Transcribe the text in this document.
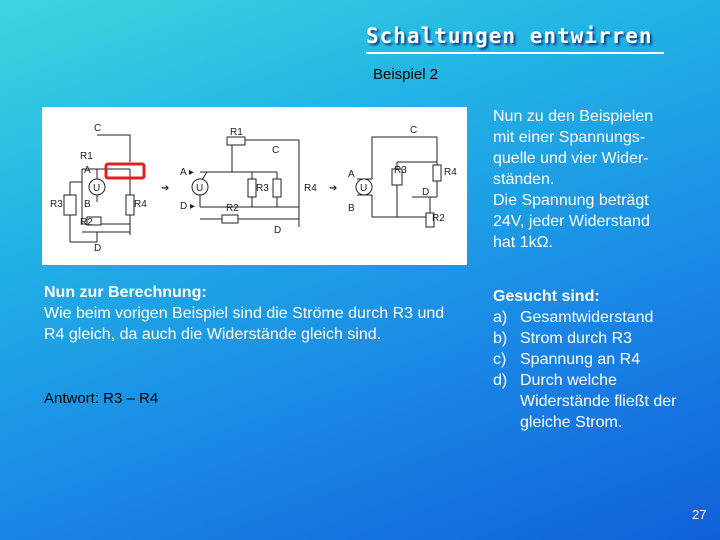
Schaltungen entwirren
Beispiel 2
➔	➔
C
R1
A
U
R3 B	R4
R2
D
R1
C
A ▸
U	R3	R4
D ▸	R2
D
C
A	R3	R4
U	D
B
R2
Nun zu den Beispielen
mit einer Spannungs-
quelle und vier Wider-
ständen.
Die Spannung beträgt
24V, jeder Widerstand
hat 1kΩ.
Nun zur Berechnung:
Wie beim vorigen Beispiel sind die Ströme durch R3 und R4 gleich, da auch die Widerstände gleich sind.
Antwort: R3 – R4
Gesucht sind:
a) Gesamtwiderstand
b) Strom durch R3
c) Spannung an R4
d) Durch welche Widerstände fließt der gleiche Strom.
27
